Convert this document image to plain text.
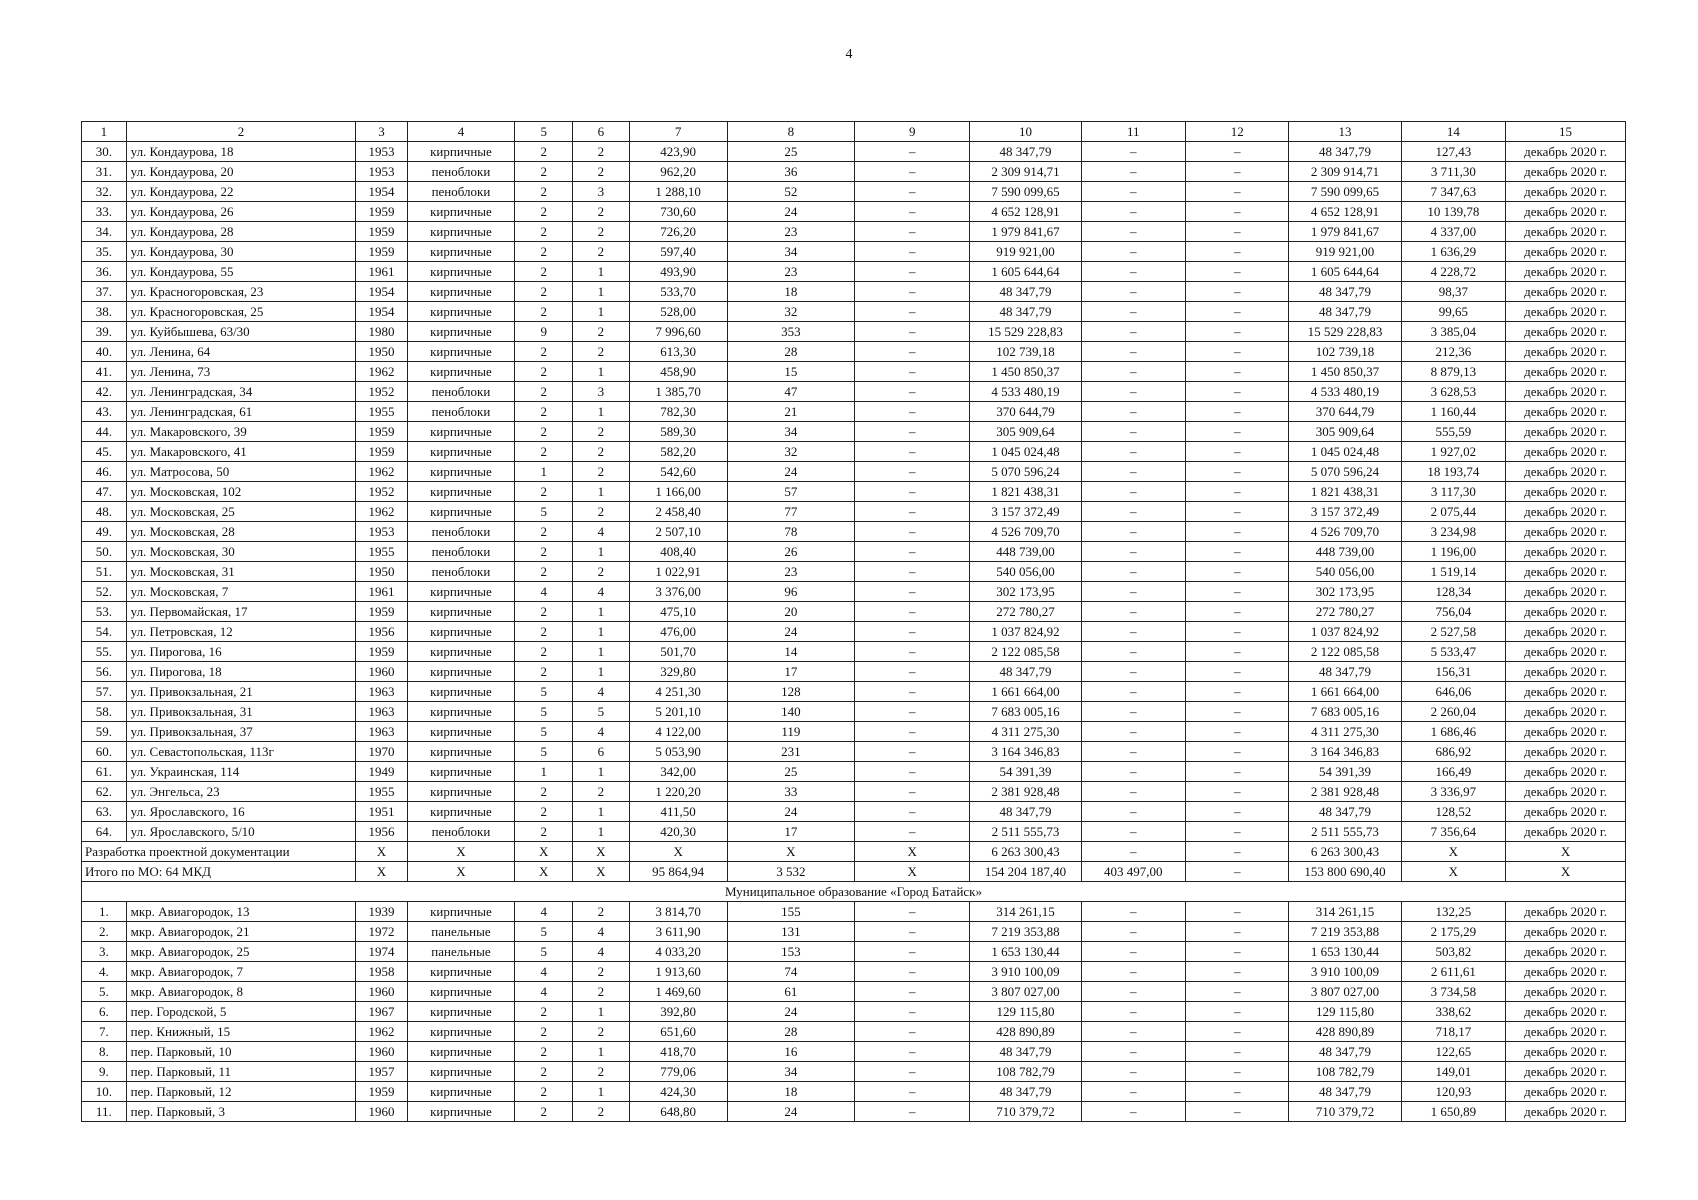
4
1	2	3	4	5	6	7	8	9	10	11	12	13	14	15
30.	ул. Кондаурова, 18	1953	кирпичные	2	2	423,90	25	–	48 347,79	–	–	48 347,79	127,43	декабрь 2020 г.
31.	ул. Кондаурова, 20	1953	пеноблоки	2	2	962,20	36	–	2 309 914,71	–	–	2 309 914,71	3 711,30	декабрь 2020 г.
32.	ул. Кондаурова, 22	1954	пеноблоки	2	3	1 288,10	52	–	7 590 099,65	–	–	7 590 099,65	7 347,63	декабрь 2020 г.
33.	ул. Кондаурова, 26	1959	кирпичные	2	2	730,60	24	–	4 652 128,91	–	–	4 652 128,91	10 139,78	декабрь 2020 г.
34.	ул. Кондаурова, 28	1959	кирпичные	2	2	726,20	23	–	1 979 841,67	–	–	1 979 841,67	4 337,00	декабрь 2020 г.
35.	ул. Кондаурова, 30	1959	кирпичные	2	2	597,40	34	–	919 921,00	–	–	919 921,00	1 636,29	декабрь 2020 г.
36.	ул. Кондаурова, 55	1961	кирпичные	2	1	493,90	23	–	1 605 644,64	–	–	1 605 644,64	4 228,72	декабрь 2020 г.
37.	ул. Красногоровская, 23	1954	кирпичные	2	1	533,70	18	–	48 347,79	–	–	48 347,79	98,37	декабрь 2020 г.
38.	ул. Красногоровская, 25	1954	кирпичные	2	1	528,00	32	–	48 347,79	–	–	48 347,79	99,65	декабрь 2020 г.
39.	ул. Куйбышева, 63/30	1980	кирпичные	9	2	7 996,60	353	–	15 529 228,83	–	–	15 529 228,83	3 385,04	декабрь 2020 г.
40.	ул. Ленина, 64	1950	кирпичные	2	2	613,30	28	–	102 739,18	–	–	102 739,18	212,36	декабрь 2020 г.
41.	ул. Ленина, 73	1962	кирпичные	2	1	458,90	15	–	1 450 850,37	–	–	1 450 850,37	8 879,13	декабрь 2020 г.
42.	ул. Ленинградская, 34	1952	пеноблоки	2	3	1 385,70	47	–	4 533 480,19	–	–	4 533 480,19	3 628,53	декабрь 2020 г.
43.	ул. Ленинградская, 61	1955	пеноблоки	2	1	782,30	21	–	370 644,79	–	–	370 644,79	1 160,44	декабрь 2020 г.
44.	ул. Макаровского, 39	1959	кирпичные	2	2	589,30	34	–	305 909,64	–	–	305 909,64	555,59	декабрь 2020 г.
45.	ул. Макаровского, 41	1959	кирпичные	2	2	582,20	32	–	1 045 024,48	–	–	1 045 024,48	1 927,02	декабрь 2020 г.
46.	ул. Матросова, 50	1962	кирпичные	1	2	542,60	24	–	5 070 596,24	–	–	5 070 596,24	18 193,74	декабрь 2020 г.
47.	ул. Московская, 102	1952	кирпичные	2	1	1 166,00	57	–	1 821 438,31	–	–	1 821 438,31	3 117,30	декабрь 2020 г.
48.	ул. Московская, 25	1962	кирпичные	5	2	2 458,40	77	–	3 157 372,49	–	–	3 157 372,49	2 075,44	декабрь 2020 г.
49.	ул. Московская, 28	1953	пеноблоки	2	4	2 507,10	78	–	4 526 709,70	–	–	4 526 709,70	3 234,98	декабрь 2020 г.
50.	ул. Московская, 30	1955	пеноблоки	2	1	408,40	26	–	448 739,00	–	–	448 739,00	1 196,00	декабрь 2020 г.
51.	ул. Московская, 31	1950	пеноблоки	2	2	1 022,91	23	–	540 056,00	–	–	540 056,00	1 519,14	декабрь 2020 г.
52.	ул. Московская, 7	1961	кирпичные	4	4	3 376,00	96	–	302 173,95	–	–	302 173,95	128,34	декабрь 2020 г.
53.	ул. Первомайская, 17	1959	кирпичные	2	1	475,10	20	–	272 780,27	–	–	272 780,27	756,04	декабрь 2020 г.
54.	ул. Петровская, 12	1956	кирпичные	2	1	476,00	24	–	1 037 824,92	–	–	1 037 824,92	2 527,58	декабрь 2020 г.
55.	ул. Пирогова, 16	1959	кирпичные	2	1	501,70	14	–	2 122 085,58	–	–	2 122 085,58	5 533,47	декабрь 2020 г.
56.	ул. Пирогова, 18	1960	кирпичные	2	1	329,80	17	–	48 347,79	–	–	48 347,79	156,31	декабрь 2020 г.
57.	ул. Привокзальная, 21	1963	кирпичные	5	4	4 251,30	128	–	1 661 664,00	–	–	1 661 664,00	646,06	декабрь 2020 г.
58.	ул. Привокзальная, 31	1963	кирпичные	5	5	5 201,10	140	–	7 683 005,16	–	–	7 683 005,16	2 260,04	декабрь 2020 г.
59.	ул. Привокзальная, 37	1963	кирпичные	5	4	4 122,00	119	–	4 311 275,30	–	–	4 311 275,30	1 686,46	декабрь 2020 г.
60.	ул. Севастопольская, 113г	1970	кирпичные	5	6	5 053,90	231	–	3 164 346,83	–	–	3 164 346,83	686,92	декабрь 2020 г.
61.	ул. Украинская, 114	1949	кирпичные	1	1	342,00	25	–	54 391,39	–	–	54 391,39	166,49	декабрь 2020 г.
62.	ул. Энгельса, 23	1955	кирпичные	2	2	1 220,20	33	–	2 381 928,48	–	–	2 381 928,48	3 336,97	декабрь 2020 г.
63.	ул. Ярославского, 16	1951	кирпичные	2	1	411,50	24	–	48 347,79	–	–	48 347,79	128,52	декабрь 2020 г.
64.	ул. Ярославского, 5/10	1956	пеноблоки	2	1	420,30	17	–	2 511 555,73	–	–	2 511 555,73	7 356,64	декабрь 2020 г.
Разработка проектной документации		Х	Х	Х	Х	Х	Х	Х	6 263 300,43	–	–	6 263 300,43	Х	Х
Итого по МО: 64 МКД		Х	Х	Х	Х	95 864,94	3 532	Х	154 204 187,40	403 497,00	–	153 800 690,40	Х	Х
Муниципальное образование «Город Батайск»														
1.	мкр. Авиагородок, 13	1939	кирпичные	4	2	3 814,70	155	–	314 261,15	–	–	314 261,15	132,25	декабрь 2020 г.
2.	мкр. Авиагородок, 21	1972	панельные	5	4	3 611,90	131	–	7 219 353,88	–	–	7 219 353,88	2 175,29	декабрь 2020 г.
3.	мкр. Авиагородок, 25	1974	панельные	5	4	4 033,20	153	–	1 653 130,44	–	–	1 653 130,44	503,82	декабрь 2020 г.
4.	мкр. Авиагородок, 7	1958	кирпичные	4	2	1 913,60	74	–	3 910 100,09	–	–	3 910 100,09	2 611,61	декабрь 2020 г.
5.	мкр. Авиагородок, 8	1960	кирпичные	4	2	1 469,60	61	–	3 807 027,00	–	–	3 807 027,00	3 734,58	декабрь 2020 г.
6.	пер. Городской, 5	1967	кирпичные	2	1	392,80	24	–	129 115,80	–	–	129 115,80	338,62	декабрь 2020 г.
7.	пер. Книжный, 15	1962	кирпичные	2	2	651,60	28	–	428 890,89	–	–	428 890,89	718,17	декабрь 2020 г.
8.	пер. Парковый, 10	1960	кирпичные	2	1	418,70	16	–	48 347,79	–	–	48 347,79	122,65	декабрь 2020 г.
9.	пер. Парковый, 11	1957	кирпичные	2	2	779,06	34	–	108 782,79	–	–	108 782,79	149,01	декабрь 2020 г.
10.	пер. Парковый, 12	1959	кирпичные	2	1	424,30	18	–	48 347,79	–	–	48 347,79	120,93	декабрь 2020 г.
11.	пер. Парковый, 3	1960	кирпичные	2	2	648,80	24	–	710 379,72	–	–	710 379,72	1 650,89	декабрь 2020 г.
